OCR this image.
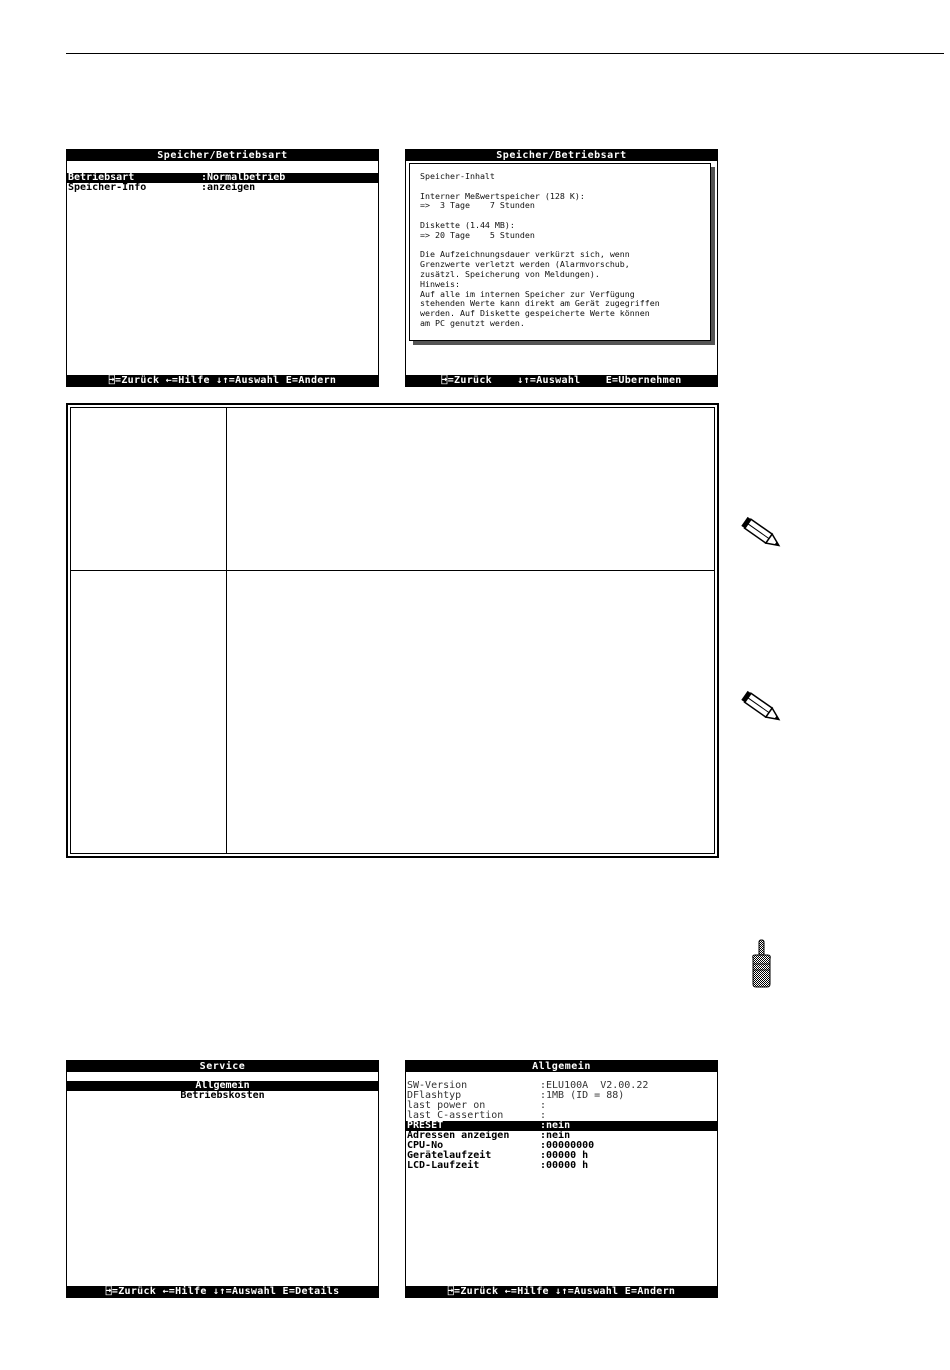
Speicher/Betriebsart
Betriebsart	:Normalbetrieb
Speicher-Info	:anzeigen
⍈=Zurück ←=Hilfe ↓↑=Auswahl E=Ändern
Speicher/Betriebsart
Speicher-Inhalt

Interner Meßwertspeicher (128 K):
=>  3 Tage    7 Stunden

Diskette (1.44 MB):
=> 20 Tage    5 Stunden

Die Aufzeichnungsdauer verkürzt sich, wenn
Grenzwerte verletzt werden (Alarmvorschub,
zusätzl. Speicherung von Meldungen).
Hinweis:
Auf alle im internen Speicher zur Verfügung
stehenden Werte kann direkt am Gerät zugegriffen
werden. Auf Diskette gespeicherte Werte können
am PC genutzt werden.
⍈=Zurück    ↓↑=Auswahl    E=Übernehmen
Service
Allgemein
Betriebskosten
⍈=Zurück ←=Hilfe ↓↑=Auswahl E=Details
Allgemein
SW-Version	:ELU100A  V2.00.22
DFlashtyp	:1MB (ID = 88)
last power on	:
last C-assertion	:
PRESET	:nein
Adressen anzeigen	:nein
CPU-No	:00000000
Gerätelaufzeit	:00000 h
LCD-Laufzeit	:00000 h
⍈=Zurück ←=Hilfe ↓↑=Auswahl E=Ändern
